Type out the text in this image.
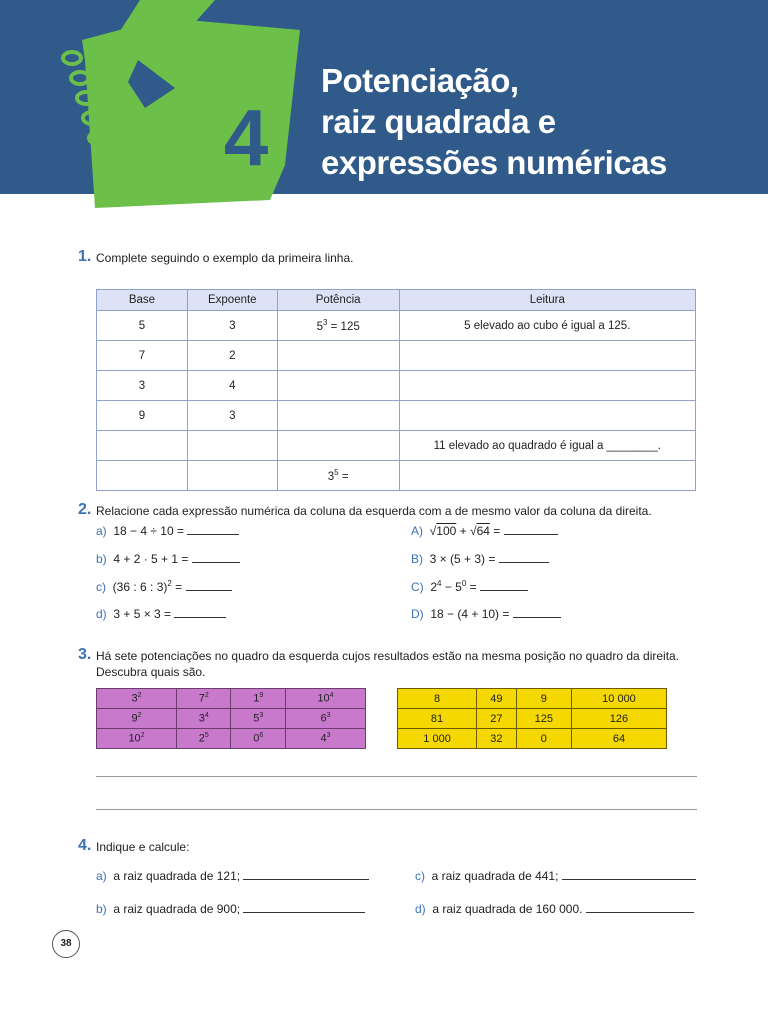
4
Potenciação,
raiz quadrada e
expressões numéricas
1. Complete seguindo o exemplo da primeira linha.
Base	Expoente	Potência	Leitura
5	3	$5^3 = 125$	5 elevado ao cubo é igual a 125.
7	2		
3	4		
9	3		
			11 elevado ao quadrado é igual a ________.
		$3^5$ =	
2. Relacione cada expressão numérica da coluna da esquerda com a de mesmo valor da coluna da direita.
a) 18 − 4 ÷ 10 =
b) 4 + 2 · 5 + 1 =
c) (36 : 6 : 3)$^2$ =
d) 3 + 5 × 3 =
A) √100 + √64 =
B) 3 × (5 + 3) =
C) $2^4 - 5^0$ =
D) 18 − (4 + 10) =
3. Há sete potenciações no quadro da esquerda cujos resultados estão na mesma posição no quadro da direita.
Descubra quais são.
$3^2$	$7^2$	$1^9$	$10^4$
$9^2$	$3^4$	$5^3$	$6^3$
$10^2$	$2^5$	$0^6$	$4^3$
8	49	9	10 000
81	27	125	126
1 000	32	0	64
4. Indique e calcule:
a) a raiz quadrada de 121;	c) a raiz quadrada de 441;
b) a raiz quadrada de 900;	d) a raiz quadrada de 160 000.
38
